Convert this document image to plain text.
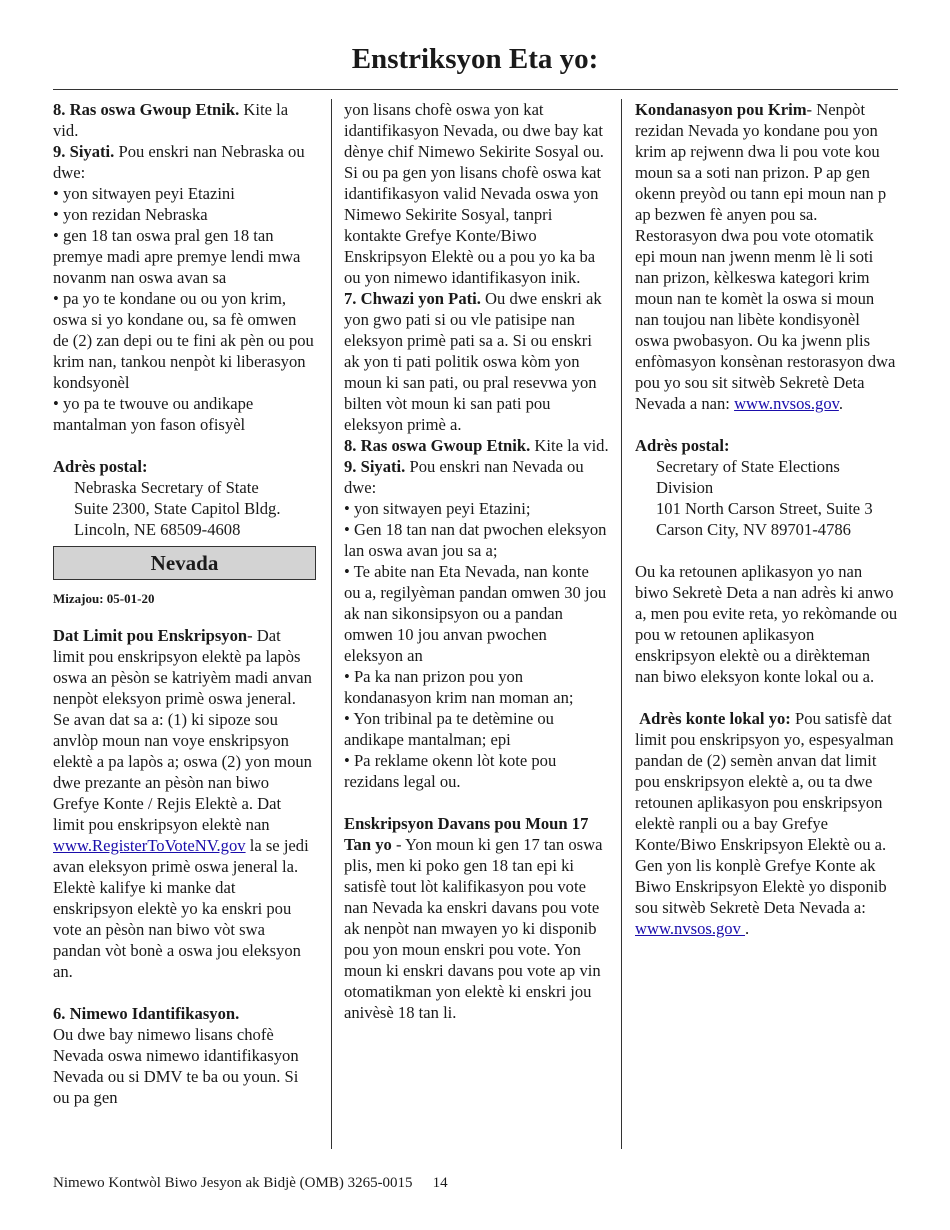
Enstriksyon Eta yo:

8. Ras oswa Gwoup Etnik. Kite la vid.

9. Siyati. Pou enskri nan Nebraska ou dwe:

• yon sitwayen peyi Etazini

• yon rezidan Nebraska

• gen 18 tan oswa pral gen 18 tan premye madi apre premye lendi mwa novanm nan oswa avan sa

• pa yo te kondane ou ou yon krim, oswa si yo kondane ou, sa fè omwen de (2) zan depi ou te fini ak pèn ou pou krim nan, tankou nenpòt ki liberasyon kondsyonèl

• yo pa te twouve ou andikape mantalman yon fason ofisyèl

Adrès postal:

Nebraska Secretary of State

Suite 2300, State Capitol Bldg.

Lincoln, NE 68509-4608

Nevada

Mizajou: 05-01-20

Dat Limit pou Enskripsyon- Dat limit pou enskripsyon elektè pa lapòs oswa an pèsòn se katriyèm madi anvan nenpòt eleksyon primè oswa jeneral. Se avan dat sa a: (1) ki sipoze sou anvlòp moun nan voye enskripsyon elektè a pa lapòs a; oswa (2) yon moun dwe prezante an pèsòn nan biwo Grefye Konte / Rejis Elektè a. Dat limit pou enskripsyon elektè nan www.RegisterToVoteNV.gov la se jedi avan eleksyon primè oswa jeneral la. Elektè kalifye ki manke dat enskripsyon elektè yo ka enskri pou vote an pèsòn nan biwo vòt swa pandan vòt bonè a oswa jou eleksyon an.

6. Nimewo Idantifikasyon.
Ou dwe bay nimewo lisans chofè Nevada oswa nimewo idantifikasyon Nevada ou si DMV te ba ou youn. Si ou pa gen

yon lisans chofè oswa yon kat idantifikasyon Nevada, ou dwe bay kat dènye chif Nimewo Sekirite Sosyal ou. Si ou pa gen yon lisans chofè oswa kat idantifikasyon valid Nevada oswa yon Nimewo Sekirite Sosyal, tanpri kontakte Grefye Konte/Biwo Enskripsyon Elektè ou a pou yo ka ba ou yon nimewo idantifikasyon inik.

7. Chwazi yon Pati. Ou dwe enskri ak yon gwo pati si ou vle patisipe nan eleksyon primè pati sa a. Si ou enskri ak yon ti pati politik oswa kòm yon moun ki san pati, ou pral resevwa yon bilten vòt moun ki san pati pou eleksyon primè a.

8. Ras oswa Gwoup Etnik. Kite la vid.

9. Siyati. Pou enskri nan Nevada ou dwe:

• yon sitwayen peyi Etazini;

• Gen 18 tan nan dat pwochen eleksyon lan oswa avan jou sa a;

• Te abite nan Eta Nevada, nan konte ou a, regilyèman pandan omwen 30 jou ak nan sikonsipsyon ou a pandan omwen 10 jou anvan pwochen eleksyon an

• Pa ka nan prizon pou yon kondanasyon krim nan moman an;

• Yon tribinal pa te detèmine ou andikape mantalman; epi

• Pa reklame okenn lòt kote pou rezidans legal ou.

Enskripsyon Davans pou Moun 17 Tan yo - Yon moun ki gen 17 tan oswa plis, men ki poko gen 18 tan epi ki satisfè tout lòt kalifikasyon pou vote nan Nevada ka enskri davans pou vote ak nenpòt nan mwayen yo ki disponib pou yon moun enskri pou vote. Yon moun ki enskri davans pou vote ap vin otomatikman yon elektè ki enskri jou anivèsè 18 tan li.

Kondanasyon pou Krim- Nenpòt rezidan Nevada yo kondane pou yon krim ap rejwenn dwa li pou vote kou moun sa a soti nan prizon. P ap gen okenn preyòd ou tann epi moun nan p ap bezwen fè anyen pou sa. Restorasyon dwa pou vote otomatik epi moun nan jwenn menm lè li soti nan prizon, kèlkeswa kategori krim moun nan te komèt la oswa si moun nan toujou nan libète kondisyonèl oswa pwobasyon. Ou ka jwenn plis enfòmasyon konsènan restorasyon dwa pou yo sou sit sitwèb Sekretè Deta Nevada a nan: www.nvsos.gov.

Adrès postal:

Secretary of State Elections Division

101 North Carson Street, Suite 3

Carson City, NV 89701-4786

Ou ka retounen aplikasyon yo nan biwo Sekretè Deta a nan adrès ki anwo a, men pou evite reta, yo rekòmande ou pou w retounen aplikasyon enskripsyon elektè ou a dirèkteman nan biwo eleksyon konte lokal ou a.

Adrès konte lokal yo: Pou satisfè dat limit pou enskripsyon yo, espesyalman pandan de (2) semèn anvan dat limit pou enskripsyon elektè a, ou ta dwe retounen aplikasyon pou enskripsyon elektè ranpli ou a bay Grefye Konte/Biwo Enskripsyon Elektè ou a. Gen yon lis konplè Grefye Konte ak Biwo Enskripsyon Elektè yo disponib sou sitwèb Sekretè Deta Nevada a: www.nvsos.gov .

Nimewo Kontwòl Biwo Jesyon ak Bidjè (OMB) 3265-0015 14
